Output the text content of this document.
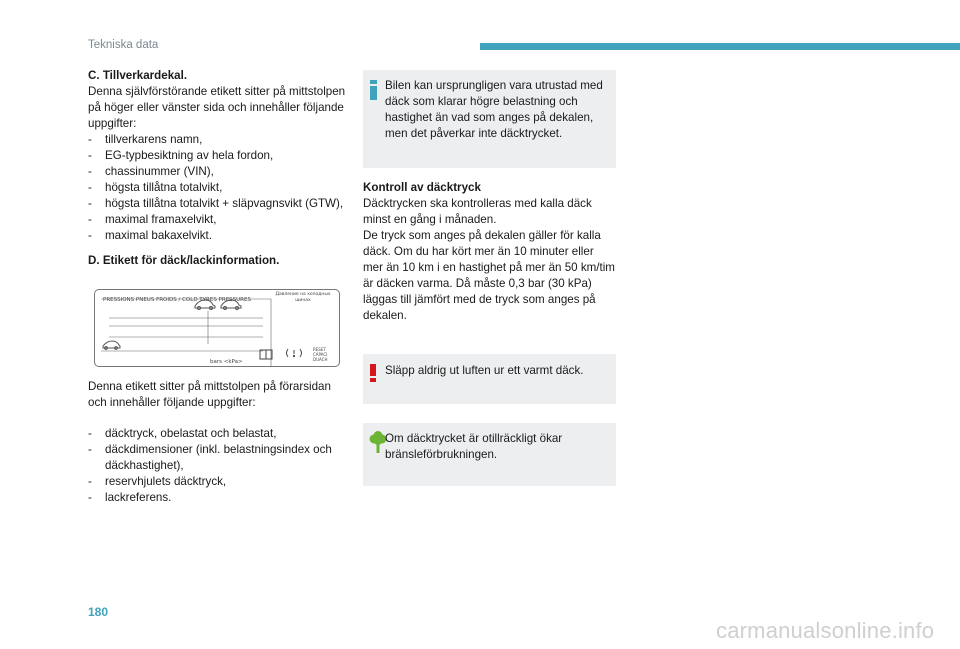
Tekniska data

C. Tillverkardekal.

Denna självförstörande etikett sitter på mittstolpen på höger eller vänster sida och innehåller följande uppgifter:

- tillverkarens namn,
- EG-typbesiktning av hela fordon,
- chassinummer (VIN),
- högsta tillåtna totalvikt,
- högsta tillåtna totalvikt + släpvagnsvikt (GTW),
- maximal framaxelvikt,
- maximal bakaxelvikt.

D. Etikett för däck/lackinformation.

PRESSIONS PNEUS FROIDS / COLD TYRES PRESSURES
Давление на холодных шинах
bars <kPa>
RESET CAPACI DUACH

Denna etikett sitter på mittstolpen på förarsidan och innehåller följande uppgifter:

- däcktryck, obelastat och belastat,
- däckdimensioner (inkl. belastningsindex och däckhastighet),
- reservhjulets däcktryck,
- lackreferens.
Bilen kan ursprungligen vara utrustad med däck som klarar högre belastning och hastighet än vad som anges på dekalen, men det påverkar inte däcktrycket.

Kontroll av däcktryck

Däcktrycken ska kontrolleras med kalla däck minst en gång i månaden.
De tryck som anges på dekalen gäller för kalla däck. Om du har kört mer än 10 minuter eller mer än 10 km i en hastighet på mer än 50 km/tim är däcken varma. Då måste 0,3 bar (30 kPa) läggas till jämfört med de tryck som anges på dekalen.

Släpp aldrig ut luften ur ett varmt däck.
Om däcktrycket är otillräckligt ökar bränsleförbrukningen.
180
carmanualsonline.info
